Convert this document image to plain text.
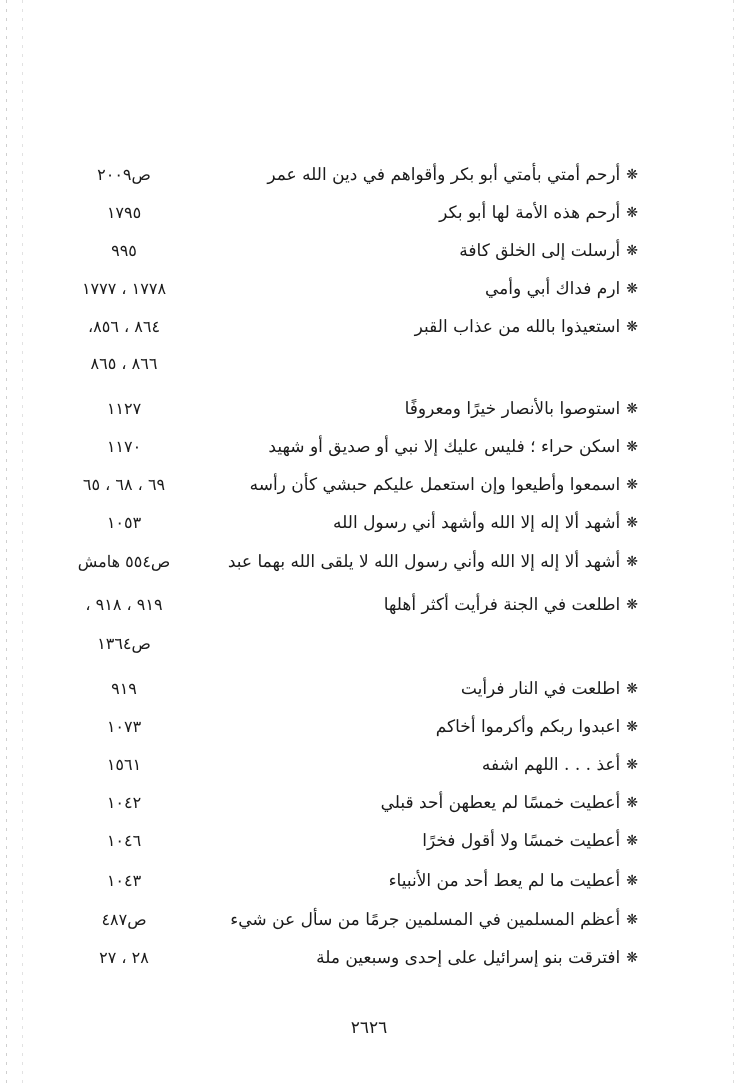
❋أرحم أمتي بأمتي أبو بكر وأقواهم في دين الله عمر
ص٢٠٠٩
❋أرحم هذه الأمة لها أبو بكر
١٧٩٥
❋أرسلت إلى الخلق كافة
٩٩٥
❋ارم فداك أبي وأمي
١٧٧٨ ، ١٧٧٧
❋استعيذوا بالله من عذاب القبر
٨٦٤ ، ٨٥٦،
٨٦٦ ، ٨٦٥
❋استوصوا بالأنصار خيرًا ومعروفًا
١١٢٧
❋اسكن حراء ؛ فليس عليك إلا نبي أو صديق أو شهيد
١١٧٠
❋اسمعوا وأطيعوا وإن استعمل عليكم حبشي كأن رأسه
٦٩ ، ٦٨ ، ٦٥
❋أشهد ألا إله إلا الله وأشهد أني رسول الله
١٠٥٣
❋أشهد ألا إله إلا الله وأني رسول الله لا يلقى الله بهما عبد
ص٥٥٤ هامش
❋اطلعت في الجنة فرأيت أكثر أهلها
٩١٩ ، ٩١٨ ،
ص١٣٦٤
❋اطلعت في النار فرأيت
٩١٩
❋اعبدوا ربكم وأكرموا أخاكم
١٠٧٣
❋أعذ . . . اللهم اشفه
١٥٦١
❋أعطيت خمسًا لم يعطهن أحد قبلي
١٠٤٢
❋أعطيت خمسًا ولا أقول فخرًا
١٠٤٦
❋أعطيت ما لم يعط أحد من الأنبياء
١٠٤٣
❋أعظم المسلمين في المسلمين جرمًا من سأل عن شيء
ص٤٨٧
❋افترقت بنو إسرائيل على إحدى وسبعين ملة
٢٨ ، ٢٧
٢٦٢٦
